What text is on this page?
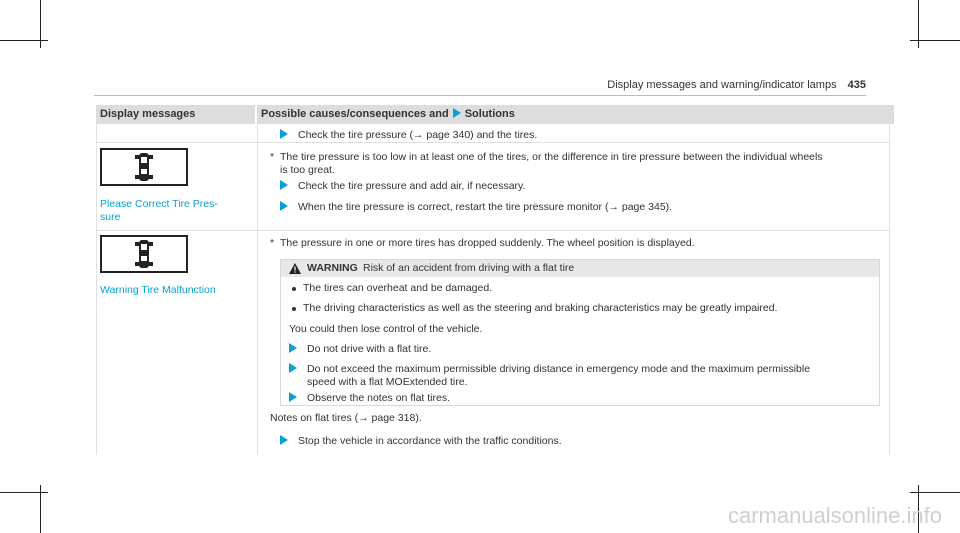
Display messages and warning/indicator lamps 435
Display messages	Possible causes/consequences and Solutions
Check the tire pressure (→ page 340) and the tires.
Please Correct Tire Pres-
sure
* The tire pressure is too low in at least one of the tires, or the difference in tire pressure between the individual wheels
is too great.
Check the tire pressure and add air, if necessary.
When the tire pressure is correct, restart the tire pressure monitor (→ page 345).
Warning Tire Malfunction
* The pressure in one or more tires has dropped suddenly. The wheel position is displayed.
WARNING Risk of an accident from driving with a flat tire
The tires can overheat and be damaged.
The driving characteristics as well as the steering and braking characteristics may be greatly impaired.
You could then lose control of the vehicle.
Do not drive with a flat tire.
Do not exceed the maximum permissible driving distance in emergency mode and the maximum permissible
speed with a flat MOExtended tire.
Observe the notes on flat tires.
Notes on flat tires (→ page 318).
Stop the vehicle in accordance with the traffic conditions.
carmanualsonline.info
